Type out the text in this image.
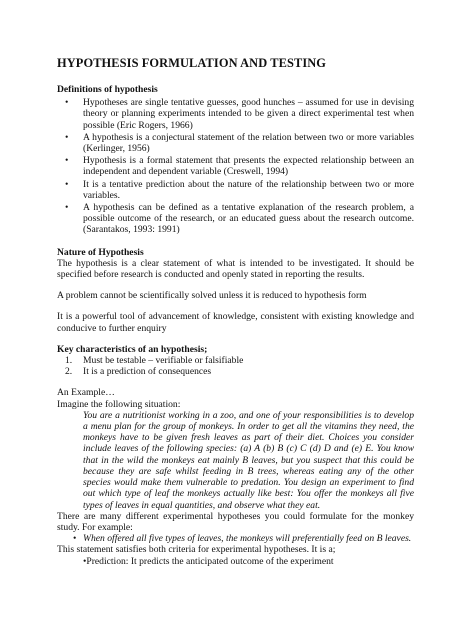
HYPOTHESIS FORMULATION AND TESTING
Definitions of hypothesis
• Hypotheses are single tentative guesses, good hunches – assumed for use in devising theory or planning experiments intended to be given a direct experimental test when possible (Eric Rogers, 1966)
• A hypothesis is a conjectural statement of the relation between two or more variables (Kerlinger, 1956)
• Hypothesis is a formal statement that presents the expected relationship between an independent and dependent variable (Creswell, 1994)
• It is a tentative prediction about the nature of the relationship between two or more variables.
• A hypothesis can be defined as a tentative explanation of the research problem, a possible outcome of the research, or an educated guess about the research outcome. (Sarantakos, 1993: 1991)
Nature of Hypothesis

The hypothesis is a clear statement of what is intended to be investigated. It should be specified before research is conducted and openly stated in reporting the results.

A problem cannot be scientifically solved unless it is reduced to hypothesis form

It is a powerful tool of advancement of knowledge, consistent with existing knowledge and conducive to further enquiry

Key characteristics of an hypothesis;
1. Must be testable – verifiable or falsifiable
2. It is a prediction of consequences

An Example…

Imagine the following situation:

You are a nutritionist working in a zoo, and one of your responsibilities is to develop a menu plan for the group of monkeys. In order to get all the vitamins they need, the monkeys have to be given fresh leaves as part of their diet. Choices you consider include leaves of the following species: (a) A (b) B (c) C (d) D and (e) E. You know that in the wild the monkeys eat mainly B leaves, but you suspect that this could be because they are safe whilst feeding in B trees, whereas eating any of the other species would make them vulnerable to predation. You design an experiment to find out which type of leaf the monkeys actually like best: You offer the monkeys all five types of leaves in equal quantities, and observe what they eat.

There are many different experimental hypotheses you could formulate for the monkey study. For example:

• When offered all five types of leaves, the monkeys will preferentially feed on B leaves.

This statement satisfies both criteria for experimental hypotheses. It is a;

•Prediction: It predicts the anticipated outcome of the experiment
